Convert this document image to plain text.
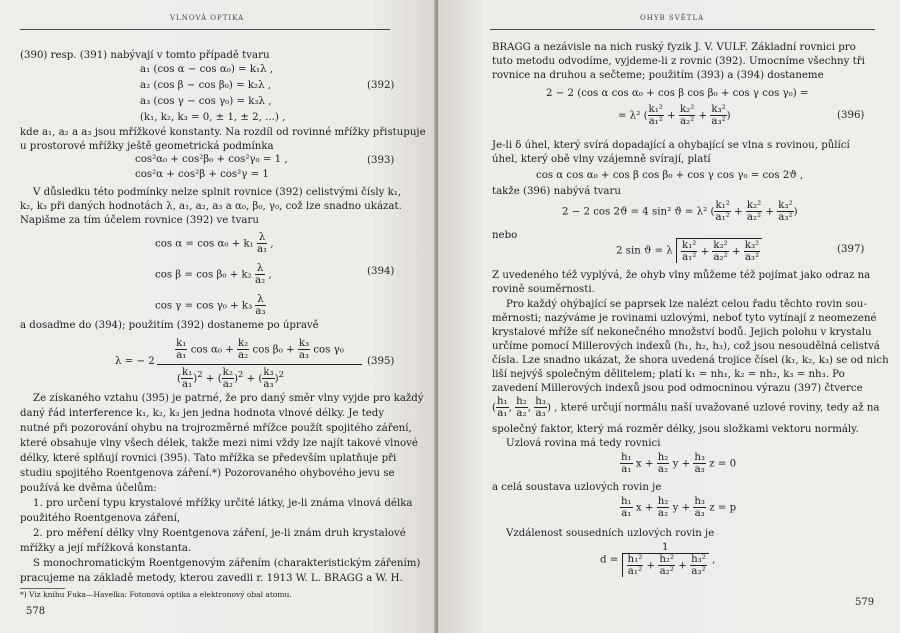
VLNOVÁ OPTIKA
(390) resp. (391) nabývají v tomto případě tvaru
a₁ (cos α − cos α₀) = k₁λ ,
a₂ (cos β − cos β₀) = k₂λ ,	(392)
a₃ (cos γ − cos γ₀) = k₃λ ,
(k₁, k₂, k₃ = 0, ± 1, ± 2, ...) ,
kde a₁, a₂ a a₃ jsou mřížkové konstanty. Na rozdíl od rovinné mřížky přistupuje
u prostorové mřížky ještě geometrická podmínka
cos²α₀ + cos²β₀ + cos²γ₀ = 1 ,	(393)
cos²α + cos²β + cos²γ = 1
V důsledku této podmínky nelze splnit rovnice (392) celistvými čísly k₁,
k₂, k₃ při daných hodnotách λ, a₁, a₂, a₃ a α₀, β₀, γ₀, což lze snadno ukázat.
Napišme za tím účelem rovnice (392) ve tvaru
$\cos \alpha = \cos \alpha_0 + k_1 \frac{\lambda}{\text{a₁}}$ ,
$\cos \beta = \cos \beta_0 + k_2 \frac{\lambda}{\text{a₂}}$ ,	(394)
$\cos \gamma = \cos \gamma_0 + k_3 \frac{\lambda}{\text{a₃}}$
a dosaďme do (394); použitím (392) dostaneme po úpravě
λ = − 2
$\frac{\text{k₁}}{\text{a₁}}$ $\cos \alpha_0 + \frac{\text{k₂}}{\text{a₂}}$ $\cos \beta_0 + \frac{\text{k₃}}{\text{a₃}}$ cos γ₀
( $\frac{\text{k₁}}{\text{a₁}} )^2$ + ( $\frac{\text{k₂}}{\text{a₂}} )^2$ + ( $\frac{\text{k₃}}{\text{a₃}} )^2$
(395)
Ze získaného vztahu (395) je patrné, že pro daný směr vlny vyjde pro každý
daný řád interference k₁, k₂, k₃ jen jedna hodnota vlnové délky. Je tedy
nutné při pozorování ohybu na trojrozměrné mřížce použít spojitého záření,
které obsahuje vlny všech délek, takže mezi nimi vždy lze najít takové vlnové
délky, které splňují rovnici (395). Tato mřížka se především uplatňuje při
studiu spojitého Roentgenova záření.*) Pozorovaného ohybového jevu se
používá ke dvěma účelům:
1. pro určení typu krystalové mřížky určité látky, je-li známa vlnová délka
použitého Roentgenova záření,
2. pro měření délky vlny Roentgenova záření, je-li znám druh krystalové
mřížky a její mřížková konstanta.
S monochromatickým Roentgenovým zářením (charakteristickým zářením)
pracujeme na základě metody, kterou zavedli r. 1913 W. L. BRAGG a W. H.
*) Viz knihu Fuka—Havelka: Fotonová optika a elektronový obal atomu.
578
OHYB SVĚTLA
BRAGG a nezávisle na nich ruský fyzik J. V. VULF. Základní rovnici pro
tuto metodu odvodíme, vyjdeme-li z rovnic (392). Umocníme všechny tři
rovnice na druhou a sečteme; použitím (393) a (394) dostaneme
2 − 2 (cos α cos α₀ + cos β cos β₀ + cos γ cos γ₀) =
= λ² ( $\frac{\text{k₁²}}{\text{a₁²}} + \frac{\text{k₂²}}{\text{a₂²}} + \frac{\text{k₃²}}{\text{a₃²}}$ )	(396)
Je-li δ úhel, který svírá dopadající a ohybající se vlna s rovinou, půlící
úhel, který obě vlny vzájemně svírají, platí
cos α cos α₀ + cos β cos β₀ + cos γ cos γ₀ = cos 2ϑ ,
takže (396) nabývá tvaru
2 − 2 cos 2ϑ = 4 sin² ϑ = λ² ( $\frac{\text{k₁²}}{\text{a₁²}} + \frac{\text{k₂²}}{\text{a₂²}} + \frac{\text{k₃²}}{\text{a₃²}}$ )
nebo
2 sin ϑ = λ $\frac{\text{k₁²}}{\text{a₁²}} + \frac{\text{k₂²}}{\text{a₂²}} + \frac{\text{k₃²}}{\text{a₃²}}$	(397)
Z uvedeného též vyplývá, že ohyb vlny můžeme též pojímat jako odraz na
rovině souměrnosti.
Pro každý ohýbající se paprsek lze nalézt celou řadu těchto rovin sou-
měrnosti; nazýváme je rovinami uzlovými, neboť tyto vytínají z neomezené
krystalové mříže síť nekonečného množství bodů. Jejich polohu v krystalu
určíme pomocí Millerových indexů (h₁, h₂, h₃), což jsou nesoudělná celistvá
čísla. Lze snadno ukázat, že shora uvedená trojice čísel (k₁, k₂, k₃) se od nich
liší nejvýš společným dělitelem; platí k₁ = nh₁, k₂ = nh₂, k₃ = nh₃. Po
zavedení Millerových indexů jsou pod odmocninou výrazu (397) čtverce
( $\frac{\text{h₁}}{\text{a₁}}$ , $\frac{\text{h₂}}{\text{a₂}}$ , $\frac{\text{h₃}}{\text{a₃}}$ ) , které určují normálu naší uvažované uzlové roviny, tedy až na
společný faktor, který má rozměr délky, jsou složkami vektoru normály.
Uzlová rovina má tedy rovnici
$\frac{\text{h₁}}{\text{a₁}}$ $x + \frac{\text{h₂}}{\text{a₂}}$ $y + \frac{\text{h₃}}{\text{a₃}}$ z = 0
a celá soustava uzlových rovin je
$\frac{\text{h₁}}{\text{a₁}}$ $x + \frac{\text{h₂}}{\text{a₂}}$ $y + \frac{\text{h₃}}{\text{a₃}}$ z = p
Vzdálenost sousedních uzlových rovin je
d =
1
$\frac{\text{h₁²}}{\text{a₁²}} + \frac{\text{h₂²}}{\text{a₂²}} + \frac{\text{h₃²}}{\text{a₃²}}$ ,
579
